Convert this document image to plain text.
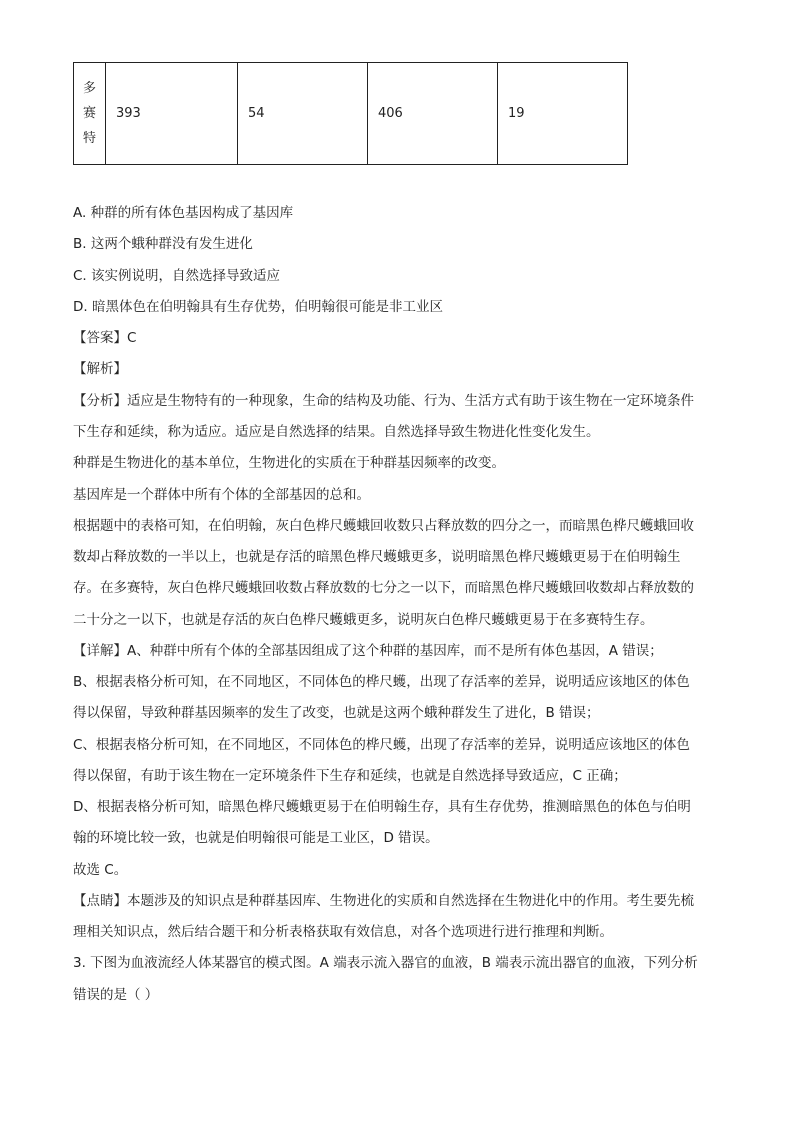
多
赛
特
	393	54	406	19
A. 种群的所有体色基因构成了基因库
B. 这两个蛾种群没有发生进化
C. 该实例说明，自然选择导致适应
D. 暗黑体色在伯明翰具有生存优势，伯明翰很可能是非工业区
【答案】C
【解析】
【分析】适应是生物特有的一种现象，生命的结构及功能、行为、生活方式有助于该生物在一定环境条件
下生存和延续，称为适应。适应是自然选择的结果。自然选择导致生物进化性变化发生。
种群是生物进化的基本单位，生物进化的实质在于种群基因频率的改变。
基因库是一个群体中所有个体的全部基因的总和。
根据题中的表格可知，在伯明翰，灰白色桦尺蠖蛾回收数只占释放数的四分之一，而暗黑色桦尺蠖蛾回收
数却占释放数的一半以上，也就是存活的暗黑色桦尺蠖蛾更多，说明暗黑色桦尺蠖蛾更易于在伯明翰生
存。在多赛特，灰白色桦尺蠖蛾回收数占释放数的七分之一以下，而暗黑色桦尺蠖蛾回收数却占释放数的
二十分之一以下，也就是存活的灰白色桦尺蠖蛾更多，说明灰白色桦尺蠖蛾更易于在多赛特生存。
【详解】A、种群中所有个体的全部基因组成了这个种群的基因库，而不是所有体色基因，A 错误；
B、根据表格分析可知，在不同地区，不同体色的桦尺蠖，出现了存活率的差异，说明适应该地区的体色
得以保留，导致种群基因频率的发生了改变，也就是这两个蛾种群发生了进化，B 错误；
C、根据表格分析可知，在不同地区，不同体色的桦尺蠖，出现了存活率的差异，说明适应该地区的体色
得以保留，有助于该生物在一定环境条件下生存和延续，也就是自然选择导致适应，C 正确；
D、根据表格分析可知，暗黑色桦尺蠖蛾更易于在伯明翰生存，具有生存优势，推测暗黑色的体色与伯明
翰的环境比较一致，也就是伯明翰很可能是工业区，D 错误。
故选 C。
【点睛】本题涉及的知识点是种群基因库、生物进化的实质和自然选择在生物进化中的作用。考生要先梳
理相关知识点，然后结合题干和分析表格获取有效信息，对各个选项进行进行推理和判断。
3. 下图为血液流经人体某器官的模式图。A 端表示流入器官的血液，B 端表示流出器官的血液，下列分析
错误的是（ ）
